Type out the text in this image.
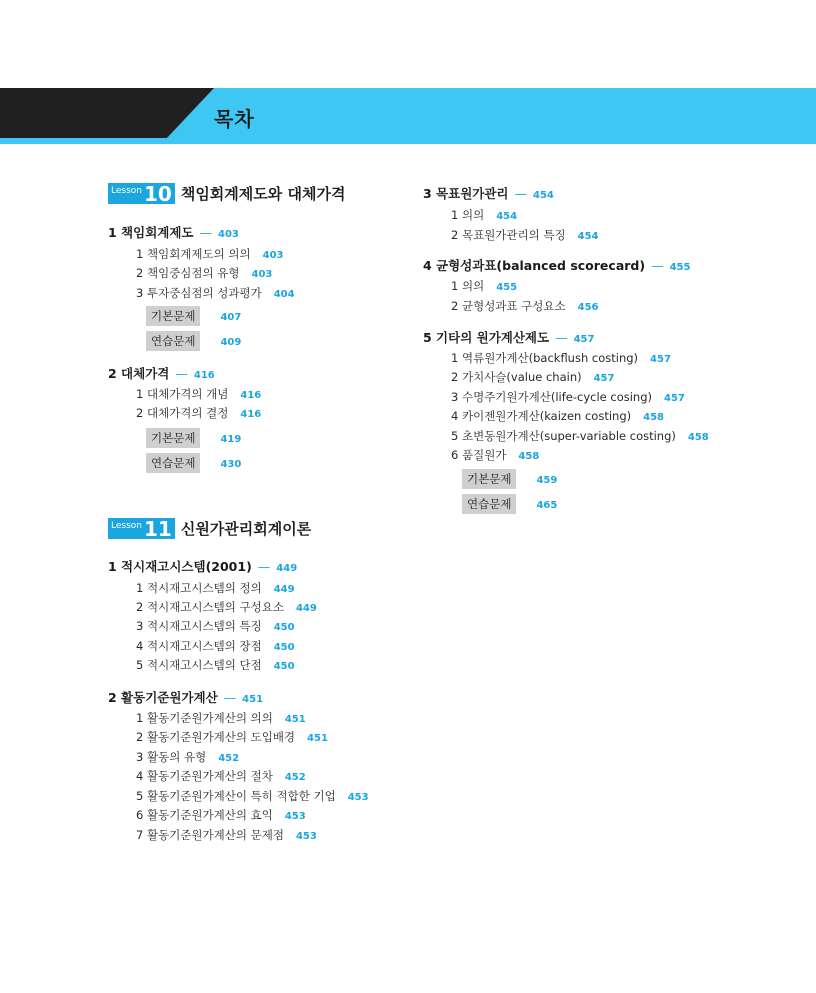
목차
Lesson 10 책임회계제도와 대체가격
1 책임회계제도 — 403
1 책임회계제도의 의의 403
2 책임중심점의 유형 403
3 투자중심점의 성과평가 404
기본문제	407
연습문제	409
2 대체가격 — 416
1 대체가격의 개념 416
2 대체가격의 결정 416
기본문제	419
연습문제	430
Lesson 11 신원가관리회계이론
1 적시재고시스템(2001) — 449
1 적시재고시스템의 정의 449
2 적시재고시스템의 구성요소 449
3 적시재고시스템의 특징 450
4 적시재고시스템의 장점 450
5 적시재고시스템의 단점 450
2 활동기준원가계산 — 451
1 활동기준원가계산의 의의 451
2 활동기준원가계산의 도입배경 451
3 활동의 유형 452
4 활동기준원가계산의 절차 452
5 활동기준원가계산이 특히 적합한 기업 453
6 활동기준원가계산의 효익 453
7 활동기준원가계산의 문제점 453
3 목표원가관리 — 454
1 의의 454
2 목표원가관리의 특징 454
4 균형성과표(balanced scorecard) — 455
1 의의 455
2 균형성과표 구성요소 456
5 기타의 원가계산제도 — 457
1 역류원가계산(backflush costing) 457
2 가치사슬(value chain) 457
3 수명주기원가계산(life-cycle cosing) 457
4 카이젠원가계산(kaizen costing) 458
5 초변동원가계산(super-variable costing) 458
6 품질원가 458
기본문제	459
연습문제	465
